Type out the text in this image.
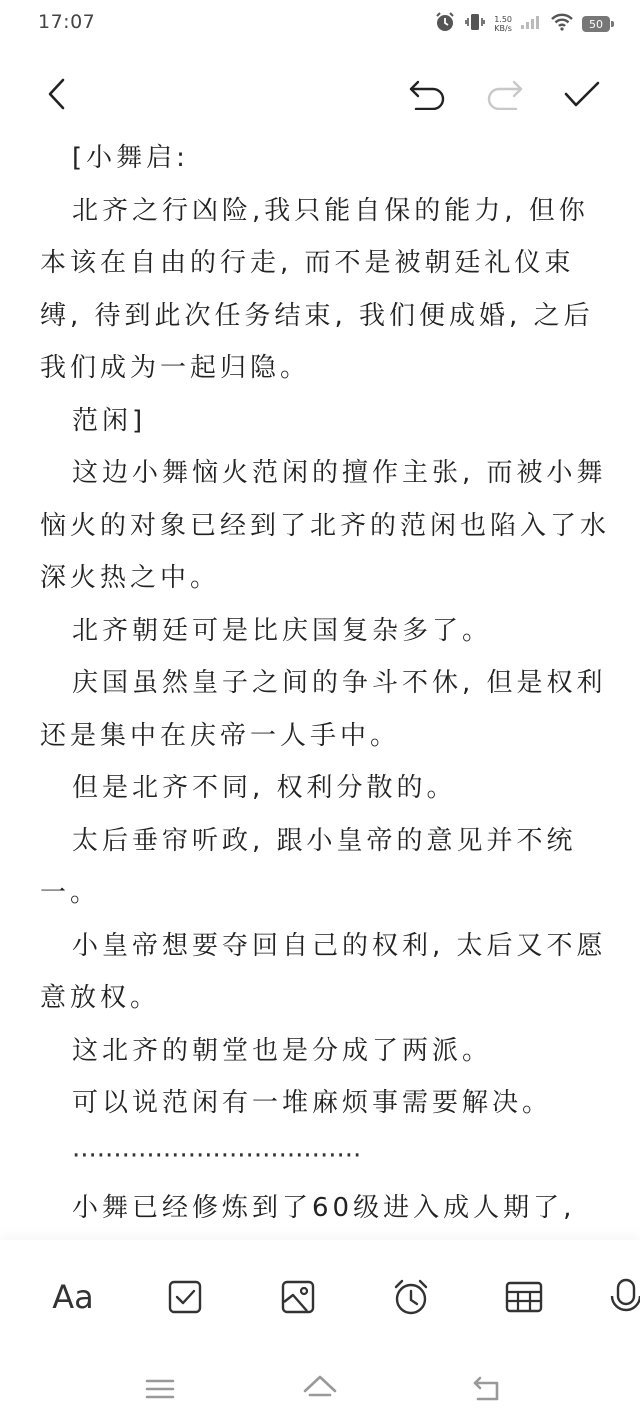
17:07	1.50
KB/s	50

[小舞启:

北齐之行凶险,我只能自保的能力, 但你本该在自由的行走, 而不是被朝廷礼仪束缚, 待到此次任务结束, 我们便成婚, 之后我们成为一起归隐。

范闲]

这边小舞恼火范闲的擅作主张, 而被小舞恼火的对象已经到了北齐的范闲也陷入了水深火热之中。

北齐朝廷可是比庆国复杂多了。

庆国虽然皇子之间的争斗不休, 但是权利还是集中在庆帝一人手中。

但是北齐不同, 权利分散的。

太后垂帘听政, 跟小皇帝的意见并不统一。

小皇帝想要夺回自己的权利, 太后又不愿意放权。

这北齐的朝堂也是分成了两派。

可以说范闲有一堆麻烦事需要解决。

···································

小舞已经修炼到了60级进入成人期了,

Aa
